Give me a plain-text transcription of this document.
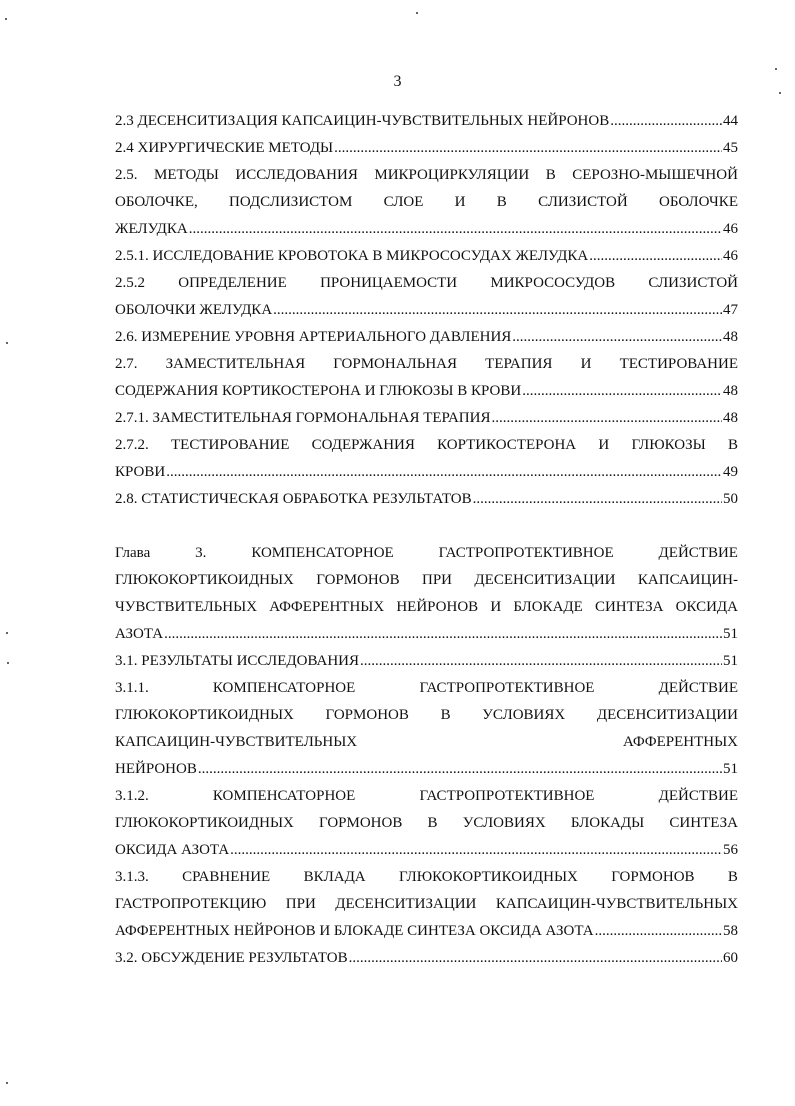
3
2.3 ДЕСЕНСИТИЗАЦИЯ КАПСАИЦИН-ЧУВСТВИТЕЛЬНЫХ НЕЙРОНОВ .....	44
2.4 ХИРУРГИЧЕСКИЕ МЕТОДЫ .....	45
2.5. МЕТОДЫ ИССЛЕДОВАНИЯ МИКРОЦИРКУЛЯЦИИ В СЕРОЗНО-МЫШЕЧНОЙ
ОБОЛОЧКЕ, ПОДСЛИЗИСТОМ СЛОЕ И В СЛИЗИСТОЙ ОБОЛОЧКЕ
ЖЕЛУДКА .....	46
2.5.1. ИССЛЕДОВАНИЕ КРОВОТОКА В МИКРОСОСУДАХ ЖЕЛУДКА .....	46
2.5.2 ОПРЕДЕЛЕНИЕ ПРОНИЦАЕМОСТИ МИКРОСОСУДОВ СЛИЗИСТОЙ
ОБОЛОЧКИ ЖЕЛУДКА .....	47
2.6. ИЗМЕРЕНИЕ УРОВНЯ АРТЕРИАЛЬНОГО ДАВЛЕНИЯ .....	48
2.7. ЗАМЕСТИТЕЛЬНАЯ ГОРМОНАЛЬНАЯ ТЕРАПИЯ И ТЕСТИРОВАНИЕ
СОДЕРЖАНИЯ КОРТИКОСТЕРОНА И ГЛЮКОЗЫ В КРОВИ .....	48
2.7.1. ЗАМЕСТИТЕЛЬНАЯ ГОРМОНАЛЬНАЯ ТЕРАПИЯ .....	48
2.7.2. ТЕСТИРОВАНИЕ СОДЕРЖАНИЯ КОРТИКОСТЕРОНА И ГЛЮКОЗЫ В
КРОВИ .....	49
2.8. СТАТИСТИЧЕСКАЯ ОБРАБОТКА РЕЗУЛЬТАТОВ .....	50
Глава	3.	КОМПЕНСАТОРНОЕ	ГАСТРОПРОТЕКТИВНОЕ	ДЕЙСТВИЕ
ГЛЮКОКОРТИКОИДНЫХ ГОРМОНОВ ПРИ ДЕСЕНСИТИЗАЦИИ КАПСАИЦИН-
ЧУВСТВИТЕЛЬНЫХ АФФЕРЕНТНЫХ НЕЙРОНОВ И БЛОКАДЕ СИНТЕЗА ОКСИДА
АЗОТА .....	51
3.1. РЕЗУЛЬТАТЫ ИССЛЕДОВАНИЯ .....	51
3.1.1.	КОМПЕНСАТОРНОЕ	ГАСТРОПРОТЕКТИВНОЕ	ДЕЙСТВИЕ
ГЛЮКОКОРТИКОИДНЫХ ГОРМОНОВ В УСЛОВИЯХ ДЕСЕНСИТИЗАЦИИ
КАПСАИЦИН-ЧУВСТВИТЕЛЬНЫХ	АФФЕРЕНТНЫХ
НЕЙРОНОВ .....	51
3.1.2.	КОМПЕНСАТОРНОЕ	ГАСТРОПРОТЕКТИВНОЕ	ДЕЙСТВИЕ
ГЛЮКОКОРТИКОИДНЫХ ГОРМОНОВ В УСЛОВИЯХ БЛОКАДЫ СИНТЕЗА
ОКСИДА АЗОТА .....	56
3.1.3. СРАВНЕНИЕ ВКЛАДА ГЛЮКОКОРТИКОИДНЫХ ГОРМОНОВ В
ГАСТРОПРОТЕКЦИЮ ПРИ ДЕСЕНСИТИЗАЦИИ КАПСАИЦИН-ЧУВСТВИТЕЛЬНЫХ
АФФЕРЕНТНЫХ НЕЙРОНОВ И БЛОКАДЕ СИНТЕЗА ОКСИДА АЗОТА .....	58
3.2. ОБСУЖДЕНИЕ РЕЗУЛЬТАТОВ .....	60
